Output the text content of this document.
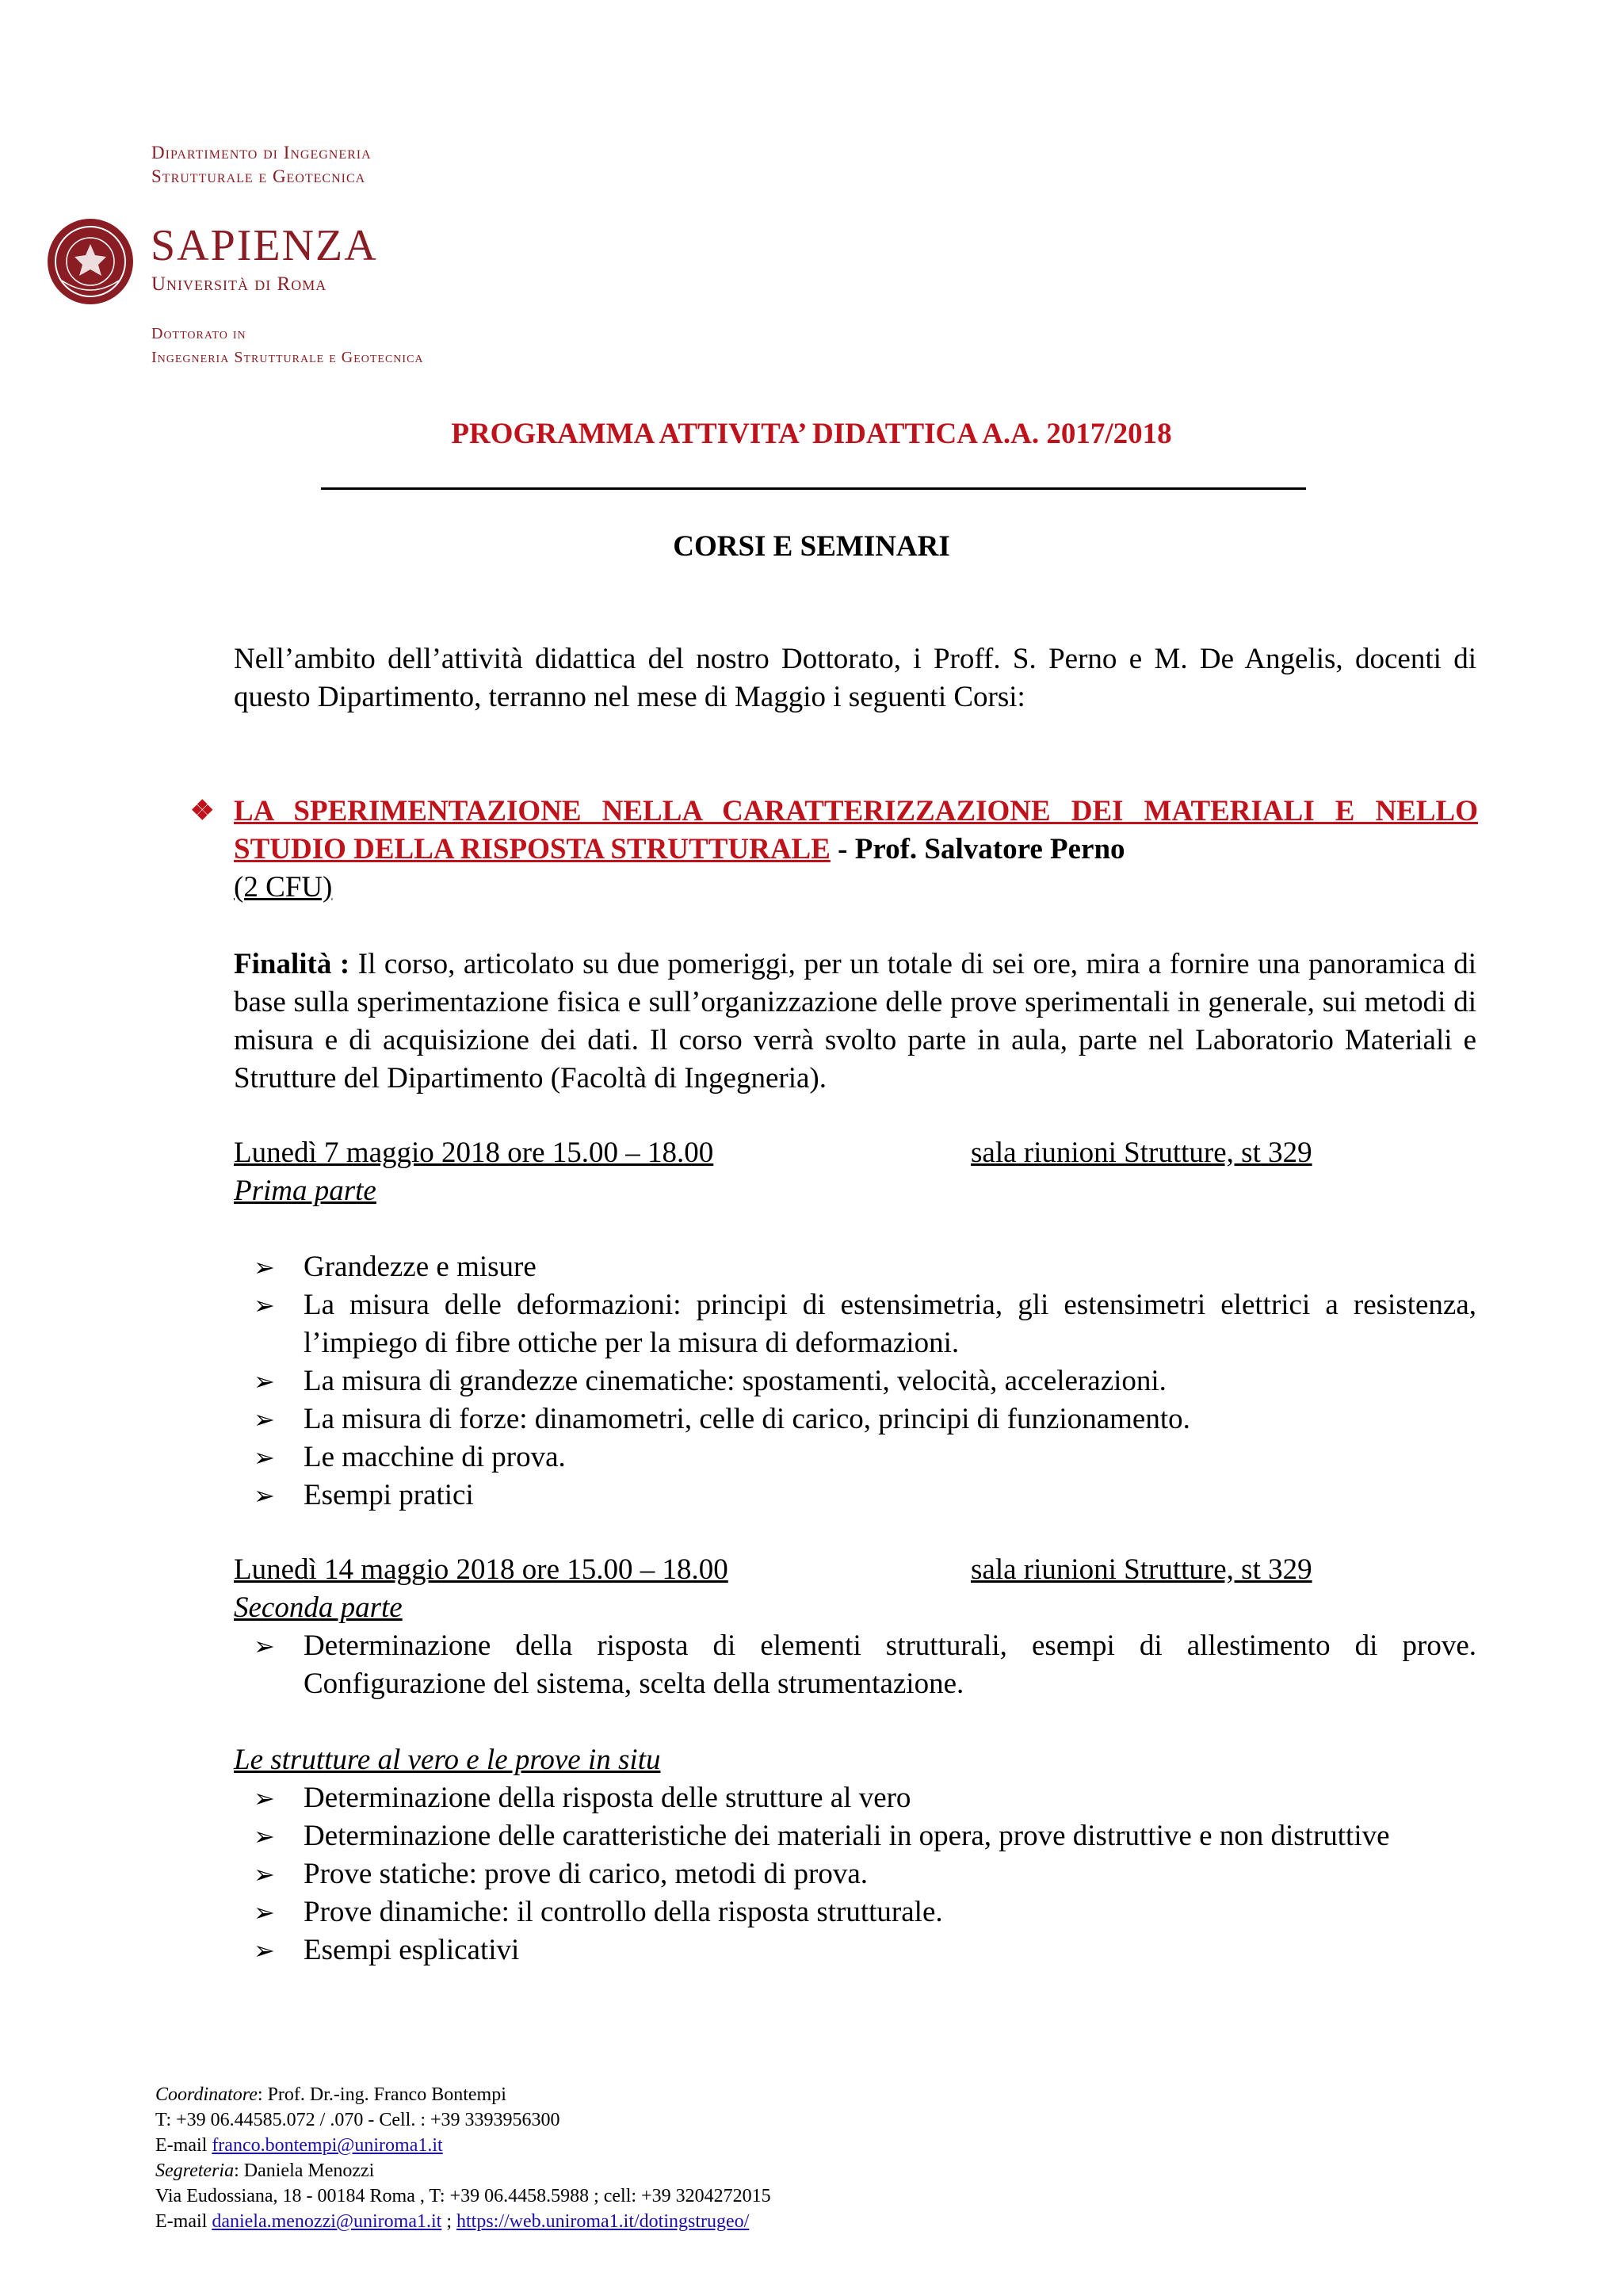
Dipartimento di Ingegneria
Strutturale e Geotecnica
SAPIENZA
Università di Roma
Dottorato in
Ingegneria Strutturale e Geotecnica
PROGRAMMA ATTIVITA’ DIDATTICA A.A. 2017/2018
CORSI E SEMINARI
Nell’ambito dell’attività didattica del nostro Dottorato, i Proff. S. Perno e M. De Angelis, docenti di questo Dipartimento, terranno nel mese di Maggio i seguenti Corsi:
❖ LA SPERIMENTAZIONE NELLA CARATTERIZZAZIONE DEI MATERIALI E NELLO STUDIO DELLA RISPOSTA STRUTTURALE - Prof. Salvatore Perno
(2 CFU)
Finalità : Il corso, articolato su due pomeriggi, per un totale di sei ore, mira a fornire una panoramica di base sulla sperimentazione fisica e sull’organizzazione delle prove sperimentali in generale, sui metodi di misura e di acquisizione dei dati. Il corso verrà svolto parte in aula, parte nel Laboratorio Materiali e Strutture del Dipartimento (Facoltà di Ingegneria).
Lunedì 7 maggio 2018 ore 15.00 – 18.00	sala riunioni Strutture, st 329
Prima parte
➢ Grandezze e misure
➢ La misura delle deformazioni: principi di estensimetria, gli estensimetri elettrici a resistenza, l’impiego di fibre ottiche per la misura di deformazioni.
➢ La misura di grandezze cinematiche: spostamenti, velocità, accelerazioni.
➢ La misura di forze: dinamometri, celle di carico, principi di funzionamento.
➢ Le macchine di prova.
➢ Esempi pratici
Lunedì 14 maggio 2018 ore 15.00 – 18.00	sala riunioni Strutture, st 329
Seconda parte
➢ Determinazione della risposta di elementi strutturali, esempi di allestimento di prove. Configurazione del sistema, scelta della strumentazione.
Le strutture al vero e le prove in situ
➢ Determinazione della risposta delle strutture al vero
➢ Determinazione delle caratteristiche dei materiali in opera, prove distruttive e non distruttive
➢ Prove statiche: prove di carico, metodi di prova.
➢ Prove dinamiche: il controllo della risposta strutturale.
➢ Esempi esplicativi
Coordinatore: Prof. Dr.-ing. Franco Bontempi
T: +39 06.44585.072 / .070 - Cell. : +39 3393956300
E-mail franco.bontempi@uniroma1.it
Segreteria: Daniela Menozzi
Via Eudossiana, 18 - 00184 Roma , T: +39 06.4458.5988 ; cell: +39 3204272015
E-mail daniela.menozzi@uniroma1.it ; https://web.uniroma1.it/dotingstrugeo/
